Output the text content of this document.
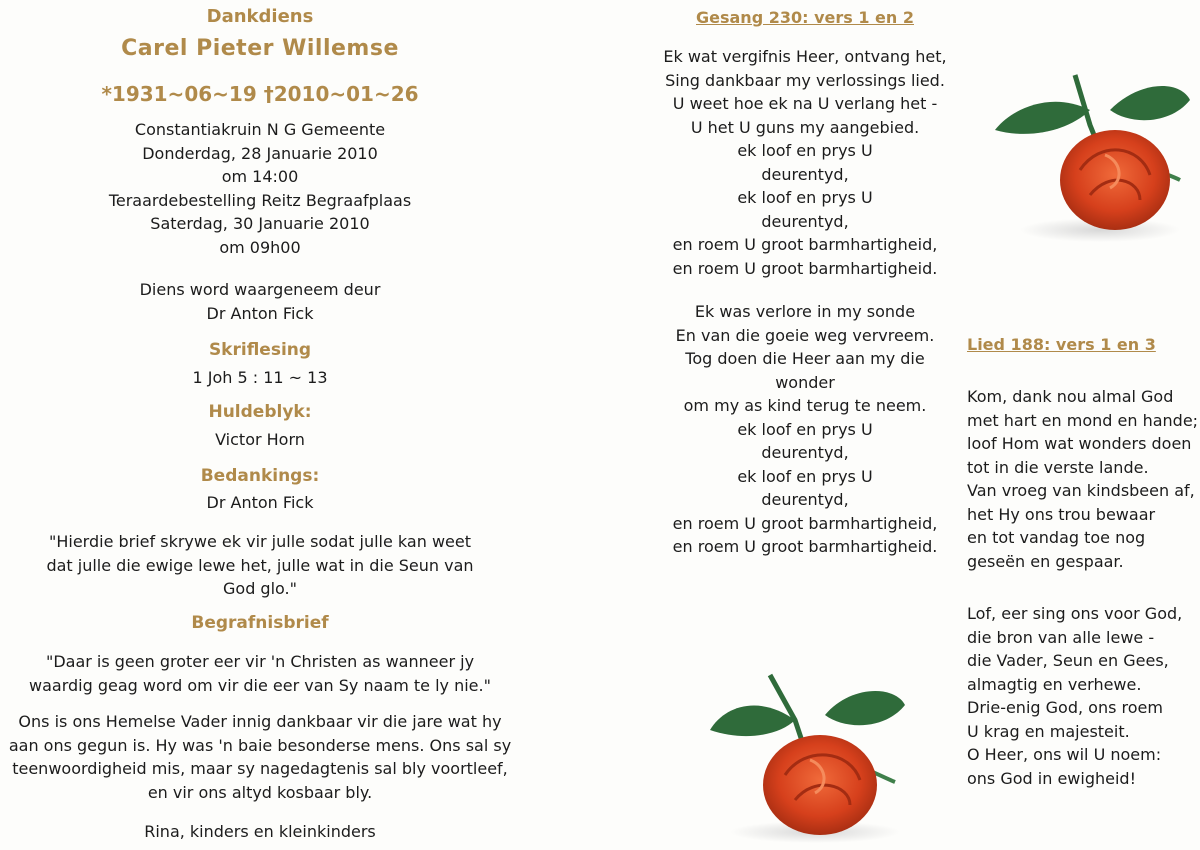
Dankdiens
Carel Pieter Willemse
*1931~06~19 †2010~01~26
Constantiakruin N G Gemeente
Donderdag, 28 Januarie 2010
om 14:00
Teraardebestelling Reitz Begraafplaas
Saterdag, 30 Januarie 2010
om 09h00
Diens word waargeneem deur
Dr Anton Fick
Skriflesing
1 Joh 5 : 11 ~ 13
Huldeblyk:
Victor Horn
Bedankings:
Dr Anton Fick
"Hierdie brief skrywe ek vir julle sodat julle kan weet
dat julle die ewige lewe het, julle wat in die Seun van
God glo."
Begrafnisbrief
"Daar is geen groter eer vir 'n Christen as wanneer jy
waardig geag word om vir die eer van Sy naam te ly nie."
Ons is ons Hemelse Vader innig dankbaar vir die jare wat hy
aan ons gegun is. Hy was 'n baie besonderse mens. Ons sal sy
teenwoordigheid mis, maar sy nagedagtenis sal bly voortleef,
en vir ons altyd kosbaar bly.
Rina, kinders en kleinkinders
Gesang 230: vers 1 en 2
Ek wat vergifnis Heer, ontvang het,
Sing dankbaar my verlossings lied.
U weet hoe ek na U verlang het -
U het U guns my aangebied.
ek loof en prys U
deurentyd,
ek loof en prys U
deurentyd,
en roem U groot barmhartigheid,
en roem U groot barmhartigheid.
Ek was verlore in my sonde
En van die goeie weg vervreem.
Tog doen die Heer aan my die
wonder
om my as kind terug te neem.
ek loof en prys U
deurentyd,
ek loof en prys U
deurentyd,
en roem U groot barmhartigheid,
en roem U groot barmhartigheid.
Lied 188: vers 1 en 3
Kom, dank nou almal God
met hart en mond en hande;
loof Hom wat wonders doen
tot in die verste lande.
Van vroeg van kindsbeen af,
het Hy ons trou bewaar
en tot vandag toe nog
geseën en gespaar.
Lof, eer sing ons voor God,
die bron van alle lewe -
die Vader, Seun en Gees,
almagtig en verhewe.
Drie-enig God, ons roem
U krag en majesteit.
O Heer, ons wil U noem:
ons God in ewigheid!
